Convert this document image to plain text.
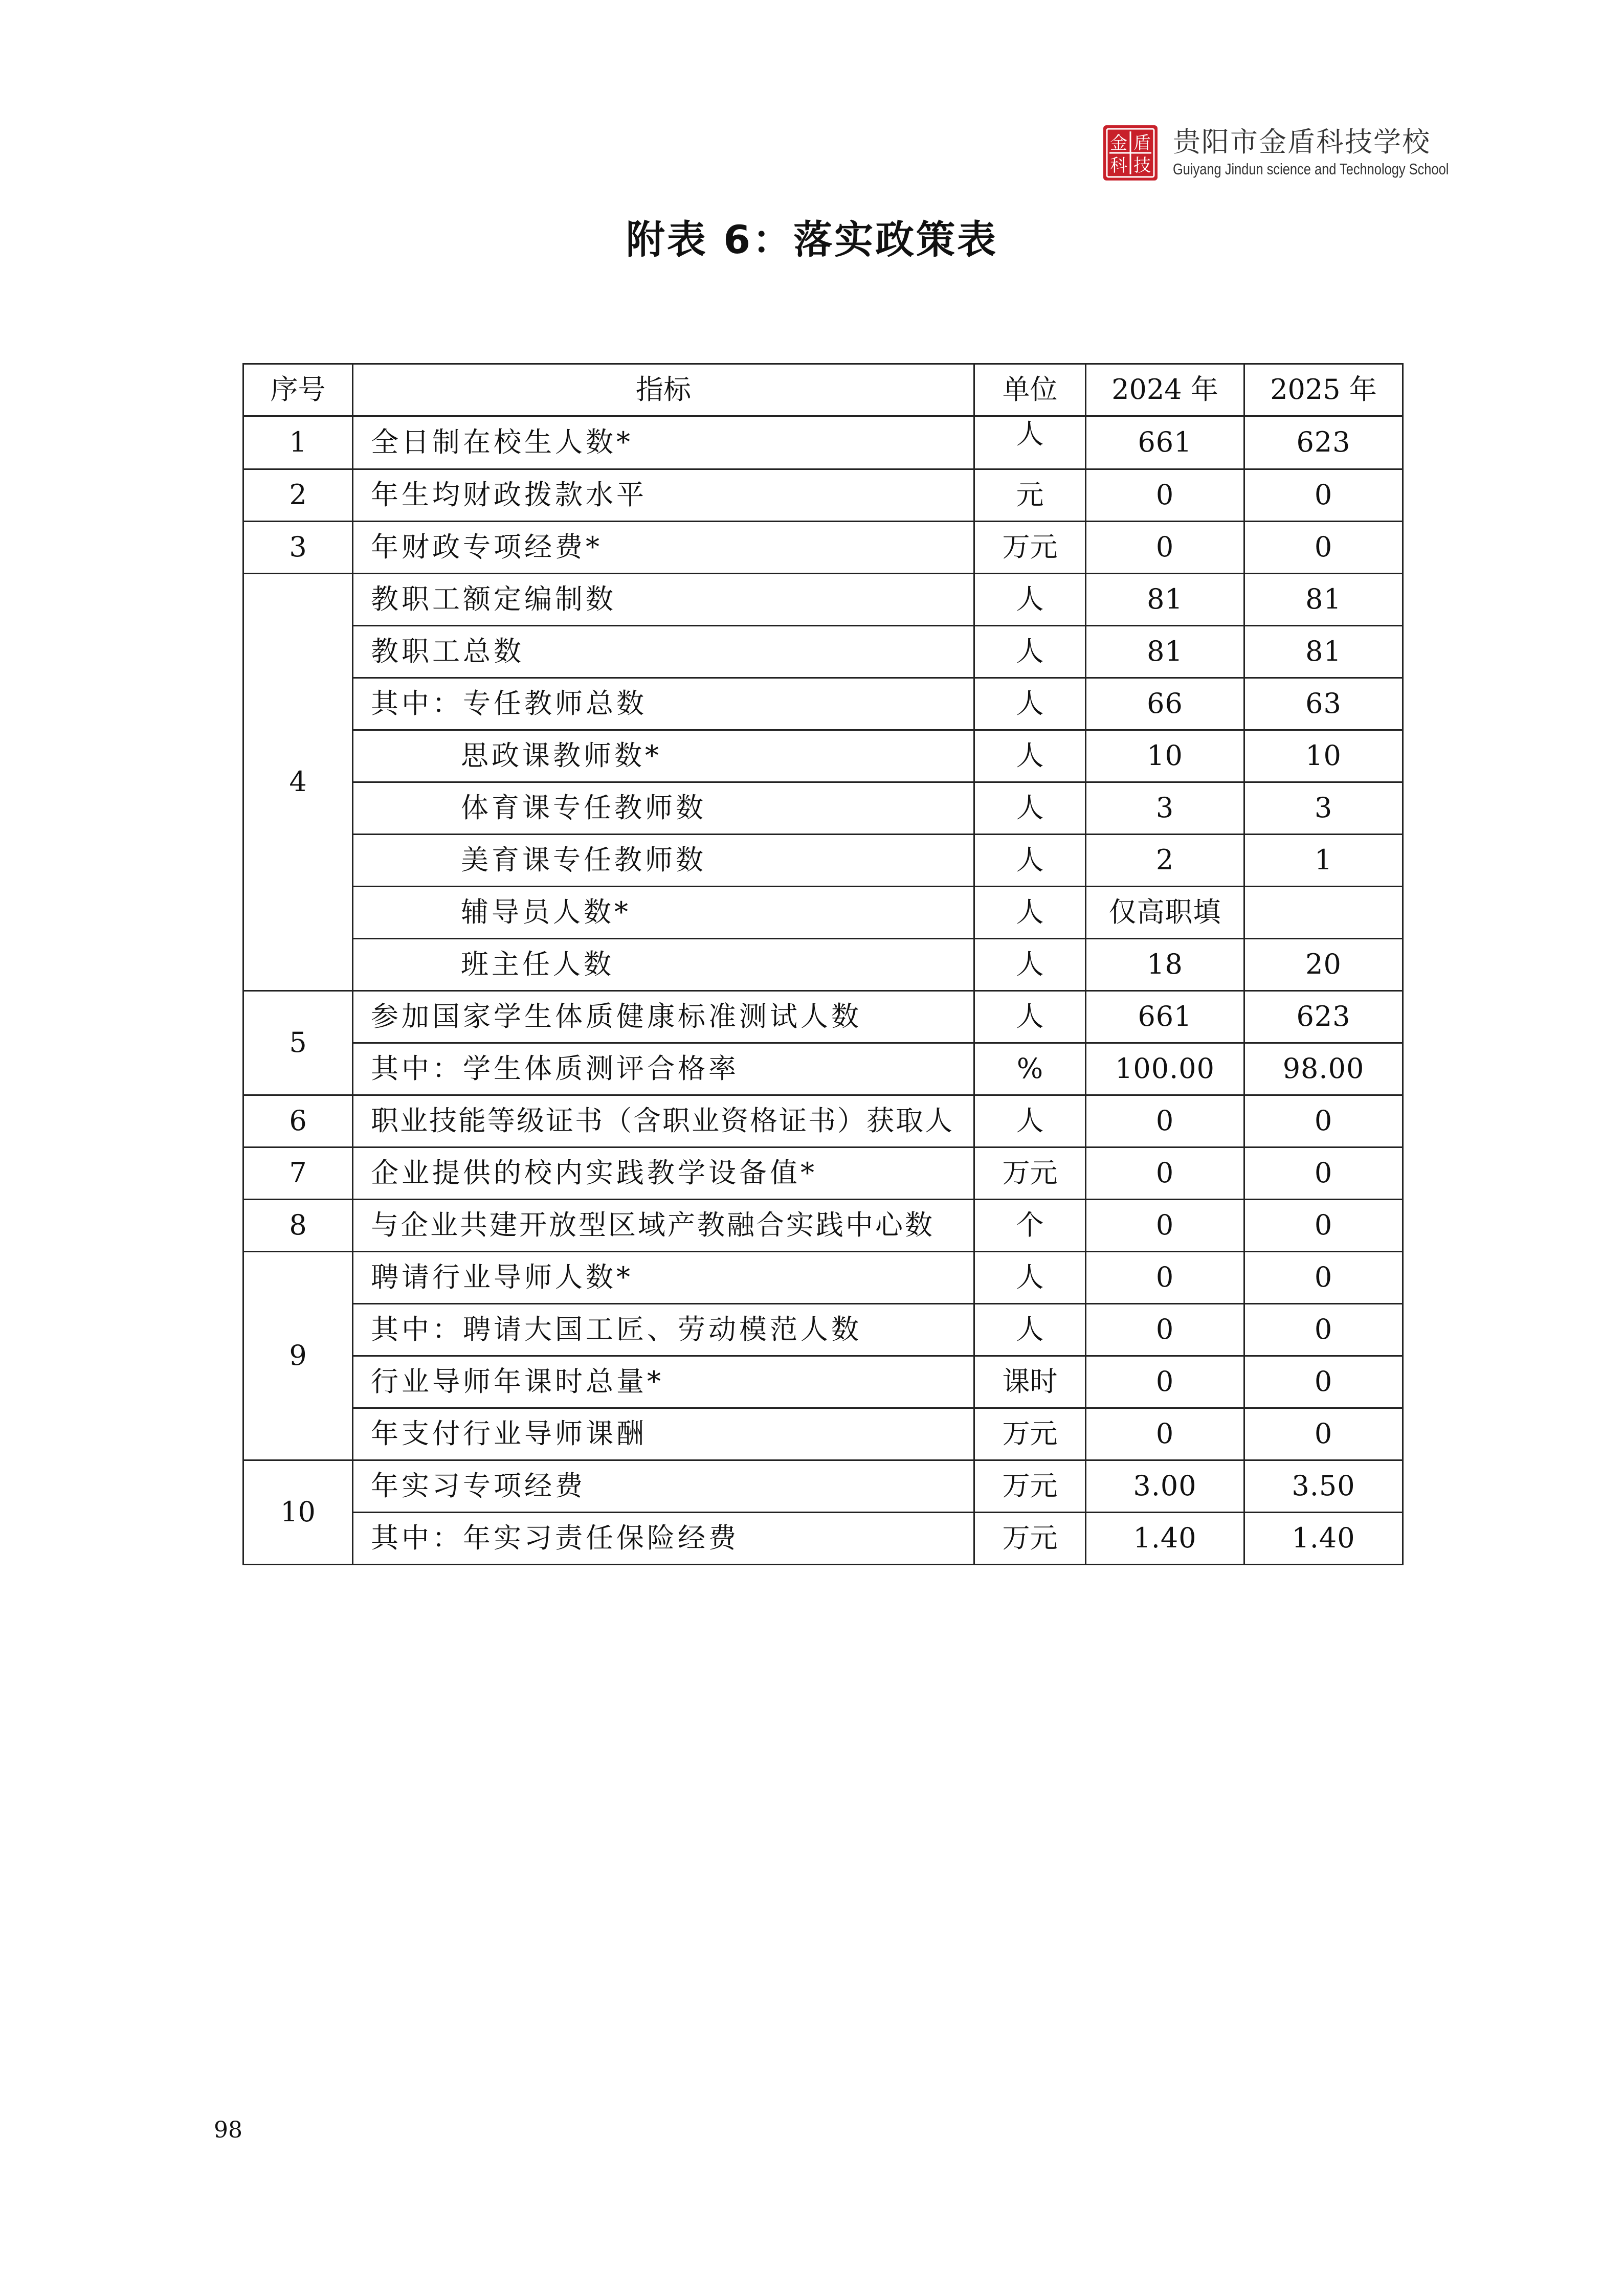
金 盾
科 技
贵阳市金盾科技学校
Guiyang Jindun science and Technology School
附表 6：落实政策表
序号	指标	单位	2024 年	2025 年
1	全日制在校生人数*	人	661	623
2	年生均财政拨款水平	元	0	0
3	年财政专项经费*	万元	0	0
4	教职工额定编制数	人	81	81
	教职工总数	人	81	81
	其中：专任教师总数	人	66	63
	思政课教师数*	人	10	10
	体育课专任教师数	人	3	3
	美育课专任教师数	人	2	1
	辅导员人数*	人	仅高职填	
	班主任人数	人	18	20
5	参加国家学生体质健康标准测试人数	人	661	623
	其中：学生体质测评合格率	%	100.00	98.00
6	职业技能等级证书（含职业资格证书）获取人	人	0	0
7	企业提供的校内实践教学设备值*	万元	0	0
8	与企业共建开放型区域产教融合实践中心数	个	0	0
9	聘请行业导师人数*	人	0	0
	其中：聘请大国工匠、劳动模范人数	人	0	0
	行业导师年课时总量*	课时	0	0
	年支付行业导师课酬	万元	0	0
10	年实习专项经费	万元	3.00	3.50
	其中：年实习责任保险经费	万元	1.40	1.40
98
